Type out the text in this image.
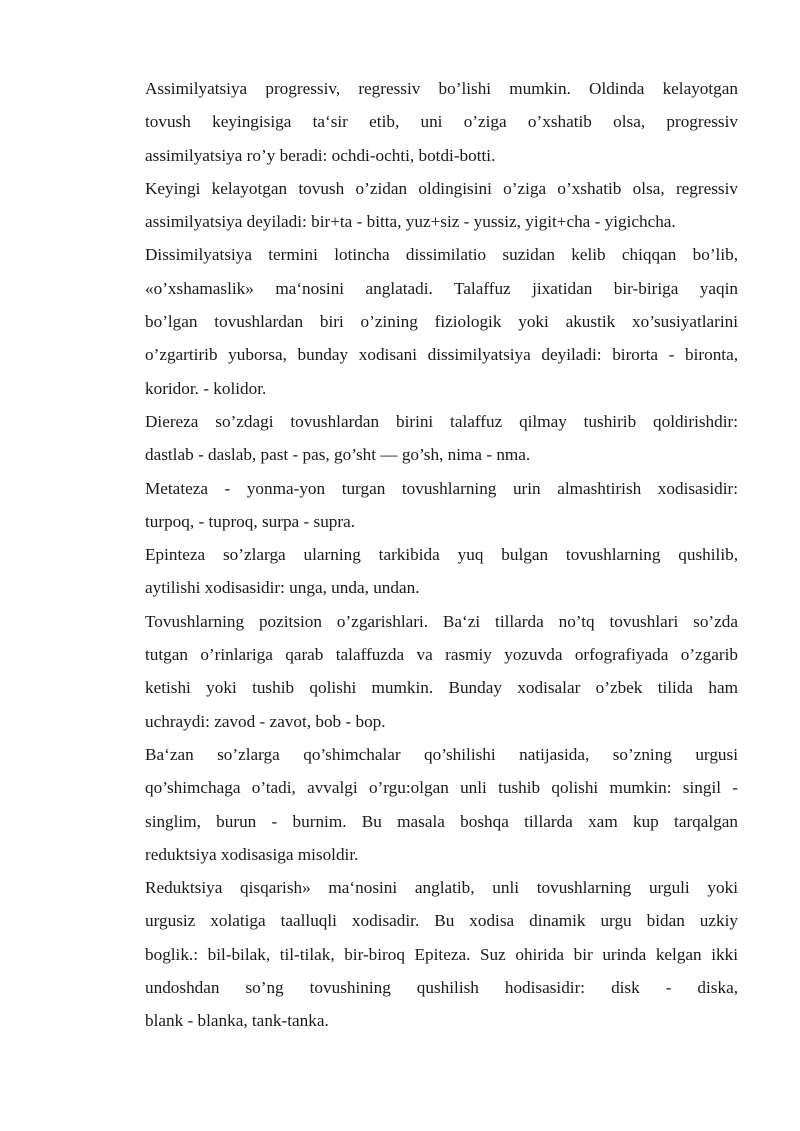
Assimilyatsiya progressiv, regressiv bo’lishi mumkin. Oldinda kelayotgan
tovush keyingisiga ta‘sir etib, uni o’ziga o’xshatib olsa, progressiv
assimilyatsiya ro’y beradi: ochdi-ochti, botdi-botti.
Keyingi kelayotgan tovush o’zidan oldingisini o’ziga o’xshatib olsa, regressiv
assimilyatsiya deyiladi: bir+ta - bitta, yuz+siz - yussiz, yigit+cha - yigichcha.
Dissimilyatsiya termini lotincha dissimilatio suzidan kelib chiqqan bo’lib,
«o’xshamaslik» ma‘nosini anglatadi. Talaffuz jixatidan bir-biriga yaqin
bo’lgan tovushlardan biri o’zining fiziologik yoki akustik xo’susiyatlarini
o’zgartirib yuborsa, bunday xodisani dissimilyatsiya deyiladi: birorta - bironta,
koridor. - kolidor.
Diereza so’zdagi tovushlardan birini talaffuz qilmay tushirib qoldirishdir:
dastlab - daslab, past - pas, go’sht — go’sh, nima - nma.
Metateza - yonma-yon turgan tovushlarning urin almashtirish xodisasidir:
turpoq, - tuproq, surpa - supra.
Epinteza so’zlarga ularning tarkibida yuq bulgan tovushlarning qushilib,
aytilishi xodisasidir: unga, unda, undan.
Tovushlarning pozitsion o’zgarishlari. Ba‘zi tillarda no’tq tovushlari so’zda
tutgan o’rinlariga qarab talaffuzda va rasmiy yozuvda orfografiyada o’zgarib
ketishi yoki tushib qolishi mumkin. Bunday xodisalar o’zbek tilida ham
uchraydi: zavod - zavot, bob - bop.
Ba‘zan so’zlarga qo’shimchalar qo’shilishi natijasida, so’zning urgusi
qo’shimchaga o’tadi, avvalgi o’rgu:olgan unli tushib qolishi mumkin: singil -
singlim, burun - burnim. Bu masala boshqa tillarda xam kup tarqalgan
reduktsiya xodisasiga misoldir.
Reduktsiya qisqarish» ma‘nosini anglatib, unli tovushlarning urguli yoki
urgusiz xolatiga taalluqli xodisadir. Bu xodisa dinamik urgu bidan uzkiy
boglik.: bil-bilak, til-tilak, bir-biroq Epiteza. Suz ohirida bir urinda kelgan ikki
undoshdan so’ng tovushining qushilish hodisasidir: disk - diska,
blank - blanka, tank-tanka.
